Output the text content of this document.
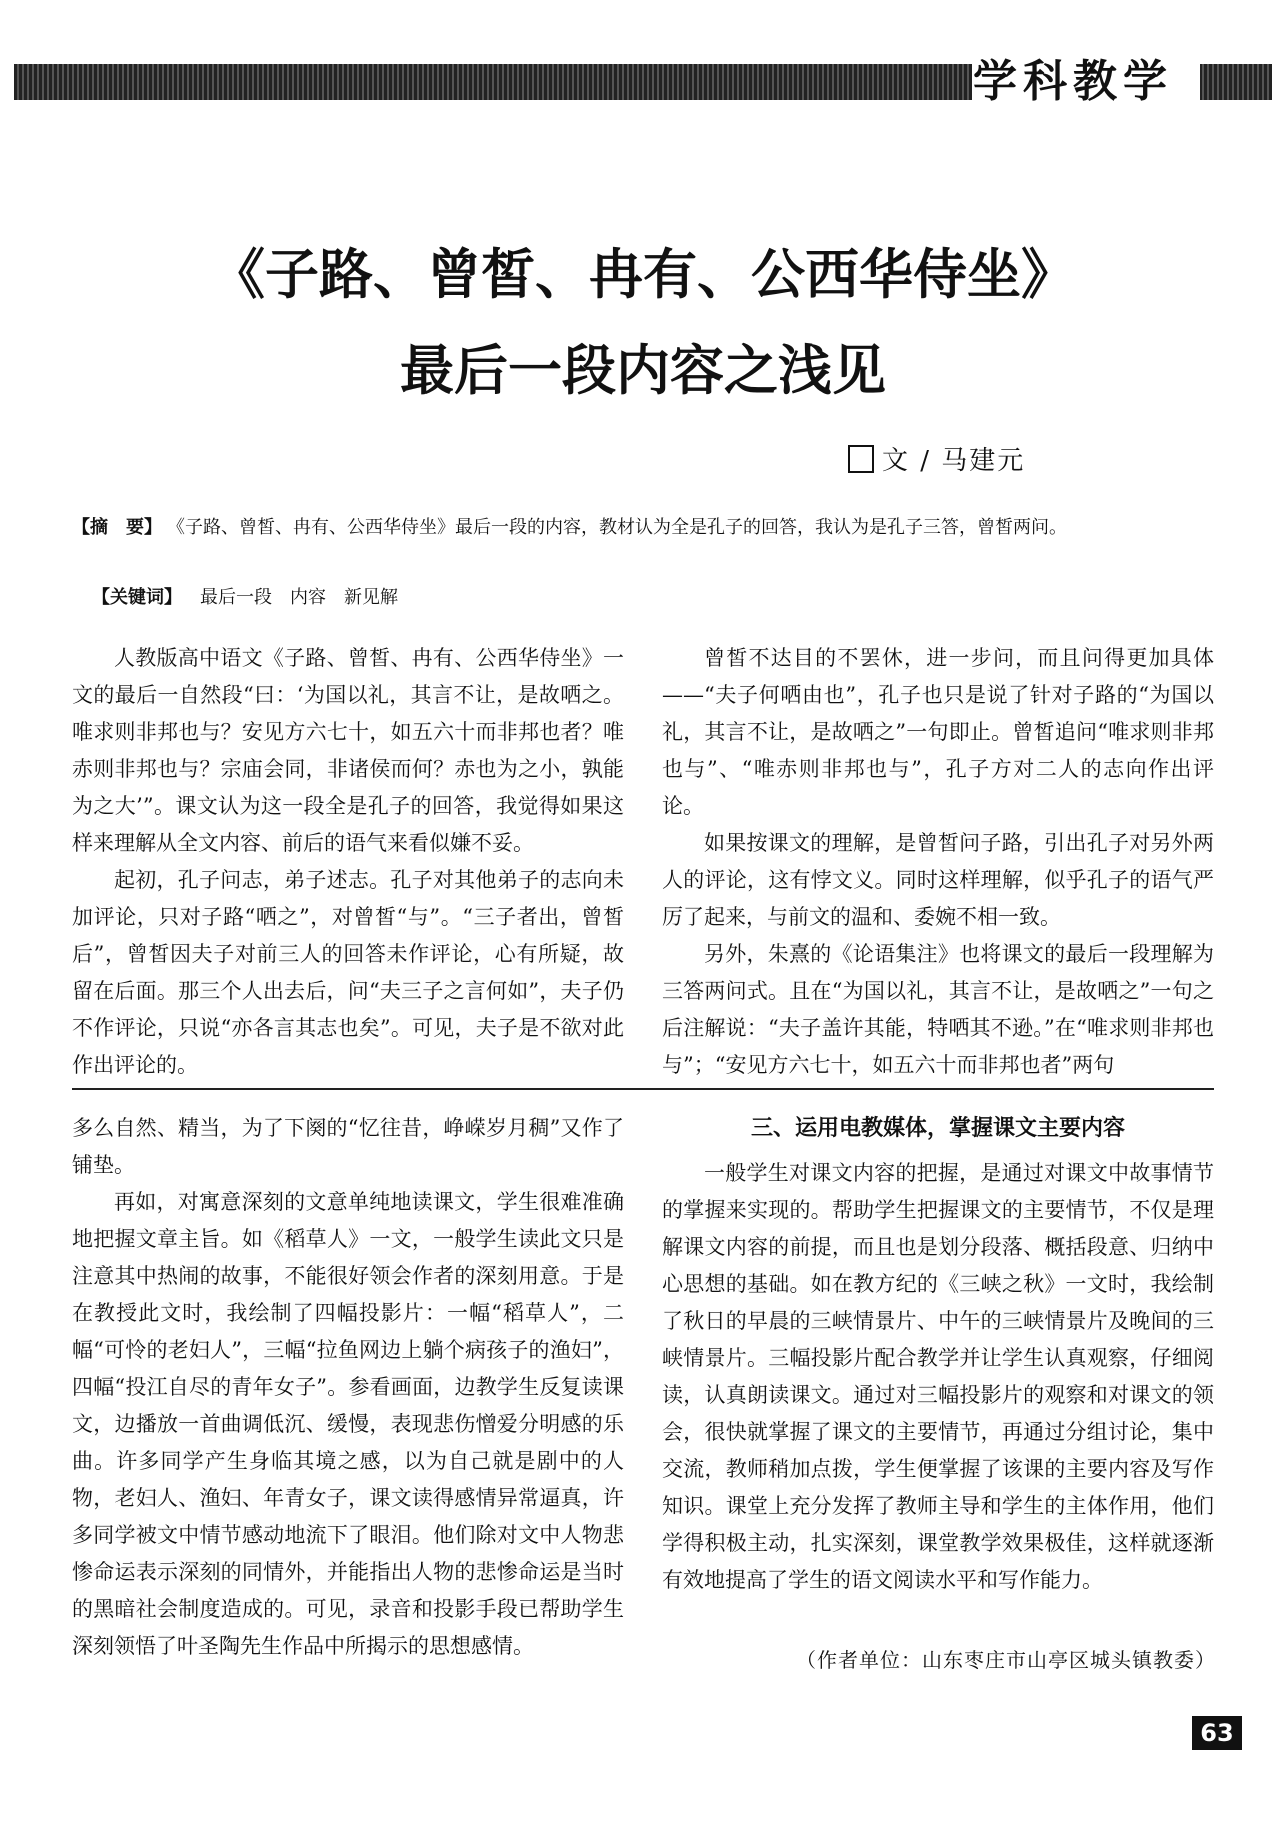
学科教学
《子路、曾皙、冉有、公西华侍坐》
最后一段内容之浅见
文 / 马建元
【摘　要】 《子路、曾皙、冉有、公西华侍坐》最后一段的内容，教材认为全是孔子的回答，我认为是孔子三答，曾皙两问。
【关键词】 最后一段　内容　新见解

人教版高中语文《子路、曾皙、冉有、公西华侍坐》一文的最后一自然段“曰：‘为国以礼，其言不让，是故哂之。唯求则非邦也与？安见方六七十，如五六十而非邦也者？唯赤则非邦也与？宗庙会同，非诸侯而何？赤也为之小，孰能为之大’”。课文认为这一段全是孔子的回答，我觉得如果这样来理解从全文内容、前后的语气来看似嫌不妥。

起初，孔子问志，弟子述志。孔子对其他弟子的志向未加评论，只对子路“哂之”，对曾皙“与”。“三子者出，曾皙后”，曾皙因夫子对前三人的回答未作评论，心有所疑，故留在后面。那三个人出去后，问“夫三子之言何如”，夫子仍不作评论，只说“亦各言其志也矣”。可见，夫子是不欲对此作出评论的。

曾皙不达目的不罢休，进一步问，而且问得更加具体——“夫子何哂由也”，孔子也只是说了针对子路的“为国以礼，其言不让，是故哂之”一句即止。曾皙追问“唯求则非邦也与”、“唯赤则非邦也与”，孔子方对二人的志向作出评论。

如果按课文的理解，是曾皙问子路，引出孔子对另外两人的评论，这有悖文义。同时这样理解，似乎孔子的语气严厉了起来，与前文的温和、委婉不相一致。

另外，朱熹的《论语集注》也将课文的最后一段理解为三答两问式。且在“为国以礼，其言不让，是故哂之”一句之后注解说：“夫子盖许其能，特哂其不逊。”在“唯求则非邦也与”；“安见方六七十，如五六十而非邦也者”两句

多么自然、精当，为了下阕的“忆往昔，峥嵘岁月稠”又作了铺垫。

再如，对寓意深刻的文意单纯地读课文，学生很难准确地把握文章主旨。如《稻草人》一文，一般学生读此文只是注意其中热闹的故事，不能很好领会作者的深刻用意。于是在教授此文时，我绘制了四幅投影片：一幅“稻草人”，二幅“可怜的老妇人”，三幅“拉鱼网边上躺个病孩子的渔妇”，四幅“投江自尽的青年女子”。参看画面，边教学生反复读课文，边播放一首曲调低沉、缓慢，表现悲伤憎爱分明感的乐曲。许多同学产生身临其境之感，以为自己就是剧中的人物，老妇人、渔妇、年青女子，课文读得感情异常逼真，许多同学被文中情节感动地流下了眼泪。他们除对文中人物悲惨命运表示深刻的同情外，并能指出人物的悲惨命运是当时的黑暗社会制度造成的。可见，录音和投影手段已帮助学生深刻领悟了叶圣陶先生作品中所揭示的思想感情。

三、运用电教媒体，掌握课文主要内容

一般学生对课文内容的把握，是通过对课文中故事情节的掌握来实现的。帮助学生把握课文的主要情节，不仅是理解课文内容的前提，而且也是划分段落、概括段意、归纳中心思想的基础。如在教方纪的《三峡之秋》一文时，我绘制了秋日的早晨的三峡情景片、中午的三峡情景片及晚间的三峡情景片。三幅投影片配合教学并让学生认真观察，仔细阅读，认真朗读课文。通过对三幅投影片的观察和对课文的领会，很快就掌握了课文的主要情节，再通过分组讨论，集中交流，教师稍加点拨，学生便掌握了该课的主要内容及写作知识。课堂上充分发挥了教师主导和学生的主体作用，他们学得积极主动，扎实深刻，课堂教学效果极佳，这样就逐渐有效地提高了学生的语文阅读水平和写作能力。

（作者单位：山东枣庄市山亭区城头镇教委）
63
